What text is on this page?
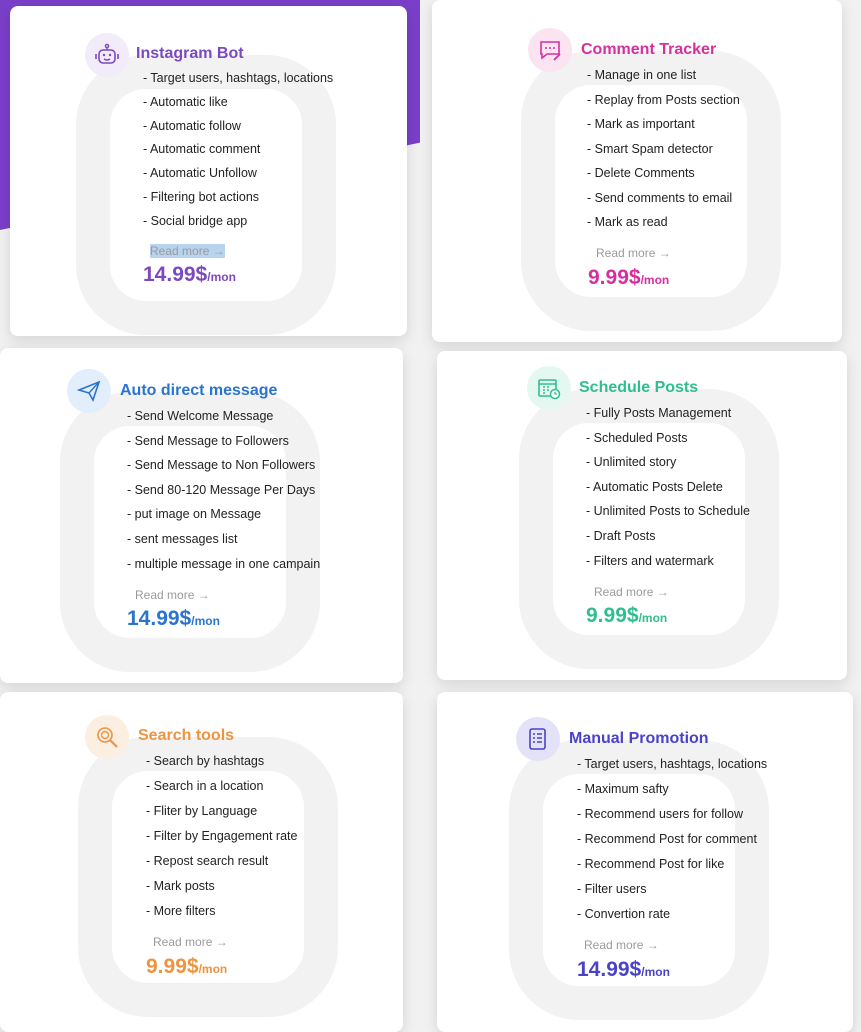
Instagram Bot
- Target users, hashtags, locations
- Automatic like
- Automatic follow
- Automatic comment
- Automatic Unfollow
- Filtering bot actions
- Social bridge app
Read more →
14.99$/mon
Comment Tracker
- Manage in one list
- Replay from Posts section
- Mark as important
- Smart Spam detector
- Delete Comments
- Send comments to email
- Mark as read
Read more →
9.99$/mon
Auto direct message
- Send Welcome Message
- Send Message to Followers
- Send Message to Non Followers
- Send 80-120 Message Per Days
- put image on Message
- sent messages list
- multiple message in one campain
Read more →
14.99$/mon
Schedule Posts
- Fully Posts Management
- Scheduled Posts
- Unlimited story
- Automatic Posts Delete
- Unlimited Posts to Schedule
- Draft Posts
- Filters and watermark
Read more →
9.99$/mon
Search tools
- Search by hashtags
- Search in a location
- Fliter by Language
- Filter by Engagement rate
- Repost search result
- Mark posts
- More filters
Read more →
9.99$/mon
Manual Promotion
- Target users, hashtags, locations
- Maximum safty
- Recommend users for follow
- Recommend Post for comment
- Recommend Post for like
- Filter users
- Convertion rate
Read more →
14.99$/mon
